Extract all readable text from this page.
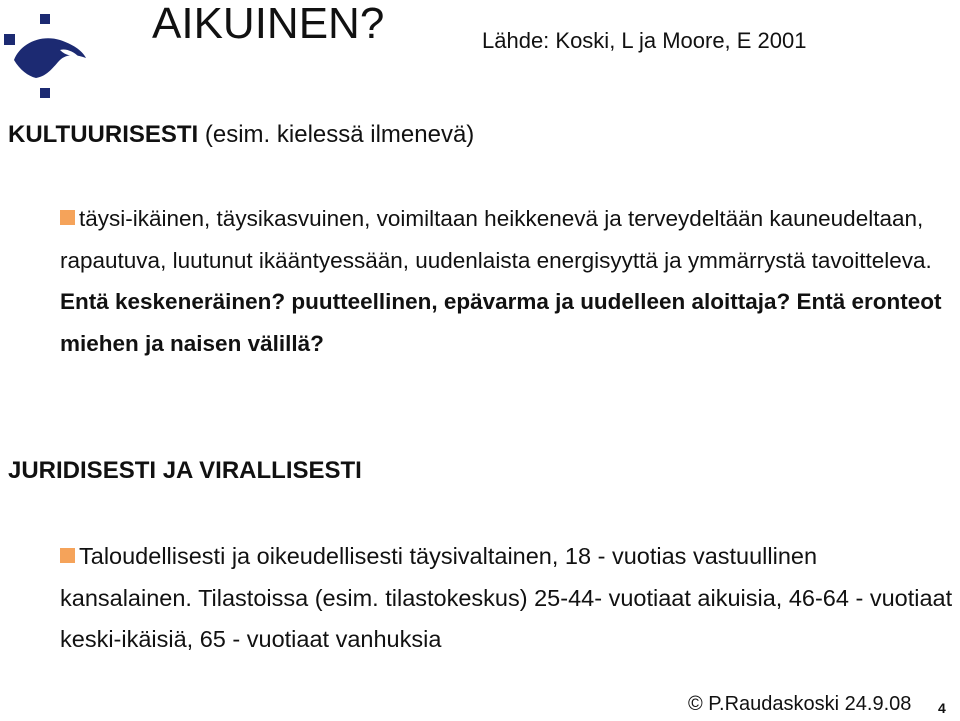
AIKUINEN?	Lähde: Koski, L ja Moore, E 2001
KULTUURISESTI (esim. kielessä ilmenevä)
täysi-ikäinen, täysikasvuinen, voimiltaan heikkenevä ja terveydeltään kauneudeltaan, rapautuva, luutunut ikääntyessään, uudenlaista energisyyttä ja ymmärrystä tavoitteleva. Entä keskeneräinen? puutteellinen, epävarma ja uudelleen aloittaja? Entä eronteot miehen ja naisen välillä?
JURIDISESTI JA VIRALLISESTI
Taloudellisesti ja oikeudellisesti täysivaltainen, 18 - vuotias vastuullinen kansalainen. Tilastoissa (esim. tilastokeskus) 25-44- vuotiaat aikuisia, 46-64 - vuotiaat keski-ikäisiä, 65 - vuotiaat vanhuksia
© P.Raudaskoski 24.9.08 4
